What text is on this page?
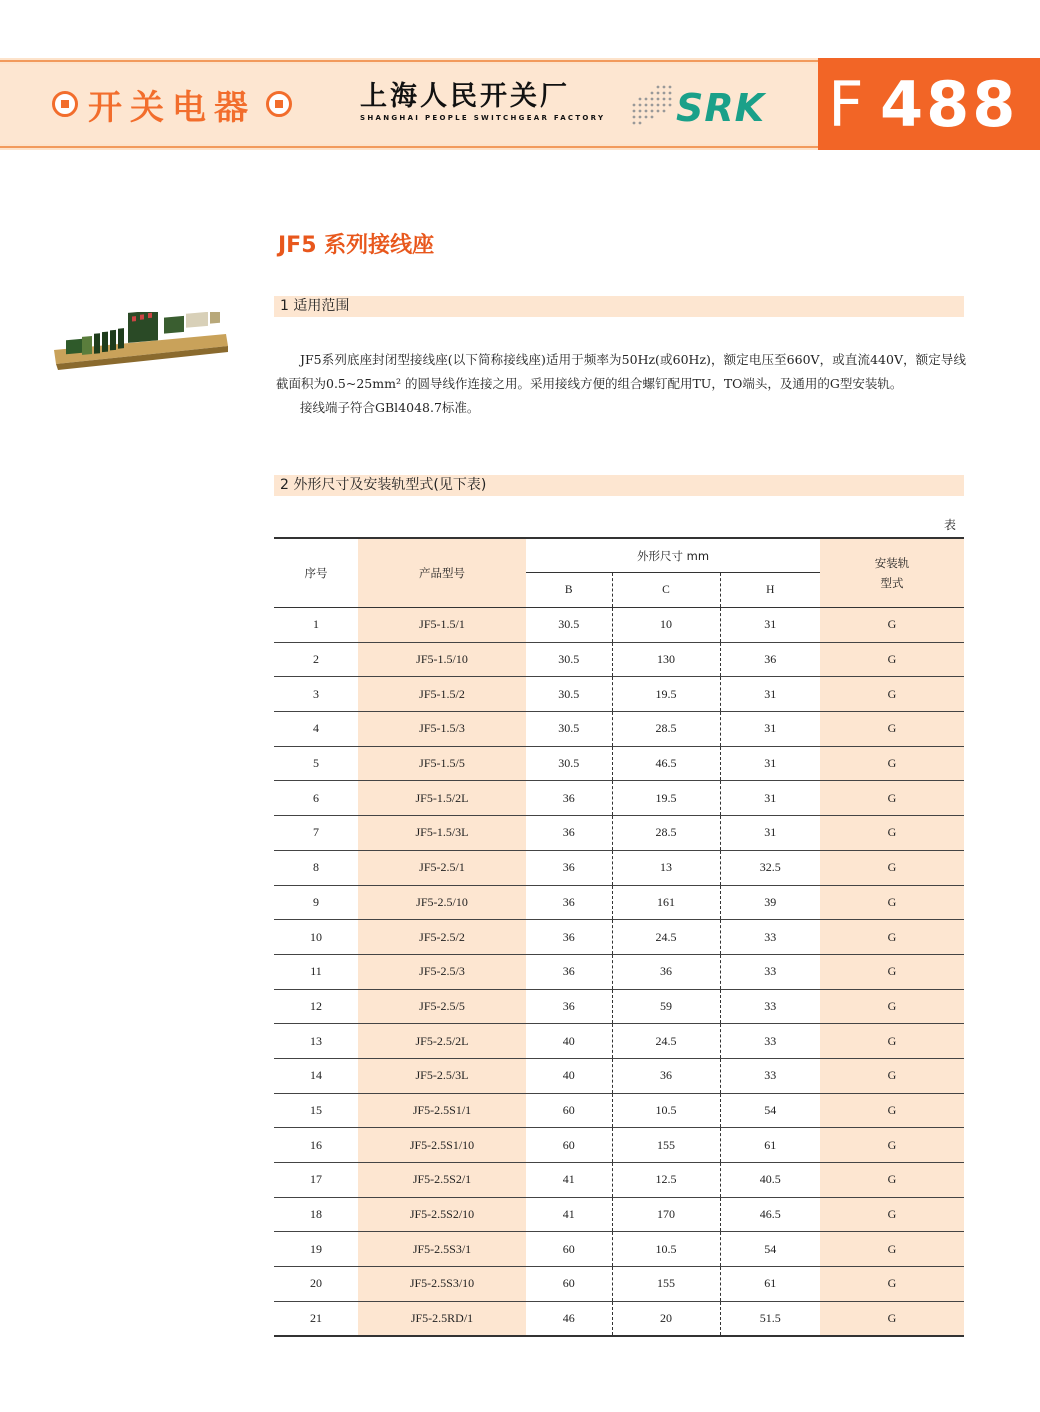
开关电器	上海人民开关厂
SHANGHAI PEOPLE SWITCHGEAR FACTORY SRK F 488
JF5 系列接线座
1 适用范围

JF5系列底座封闭型接线座(以下简称接线座)适用于频率为50Hz(或60Hz)，额定电压至660V，或直流440V，额定导线截面积为0.5~25mm² 的圆导线作连接之用。采用接线方便的组合螺钉配用TU，TO端头，及通用的G型安装轨。

接线端子符合GBl4048.7标准。

2 外形尺寸及安装轨型式(见下表)
表
序号	产品型号	外形尺寸 mm			安装轨
型式

		B	C	H	
1	JF5-1.5/1	30.5	10	31	G
2	JF5-1.5/10	30.5	130	36	G
3	JF5-1.5/2	30.5	19.5	31	G
4	JF5-1.5/3	30.5	28.5	31	G
5	JF5-1.5/5	30.5	46.5	31	G
6	JF5-1.5/2L	36	19.5	31	G
7	JF5-1.5/3L	36	28.5	31	G
8	JF5-2.5/1	36	13	32.5	G
9	JF5-2.5/10	36	161	39	G
10	JF5-2.5/2	36	24.5	33	G
11	JF5-2.5/3	36	36	33	G
12	JF5-2.5/5	36	59	33	G
13	JF5-2.5/2L	40	24.5	33	G
14	JF5-2.5/3L	40	36	33	G
15	JF5-2.5S1/1	60	10.5	54	G
16	JF5-2.5S1/10	60	155	61	G
17	JF5-2.5S2/1	41	12.5	40.5	G
18	JF5-2.5S2/10	41	170	46.5	G
19	JF5-2.5S3/1	60	10.5	54	G
20	JF5-2.5S3/10	60	155	61	G
21	JF5-2.5RD/1	46	20	51.5	G
